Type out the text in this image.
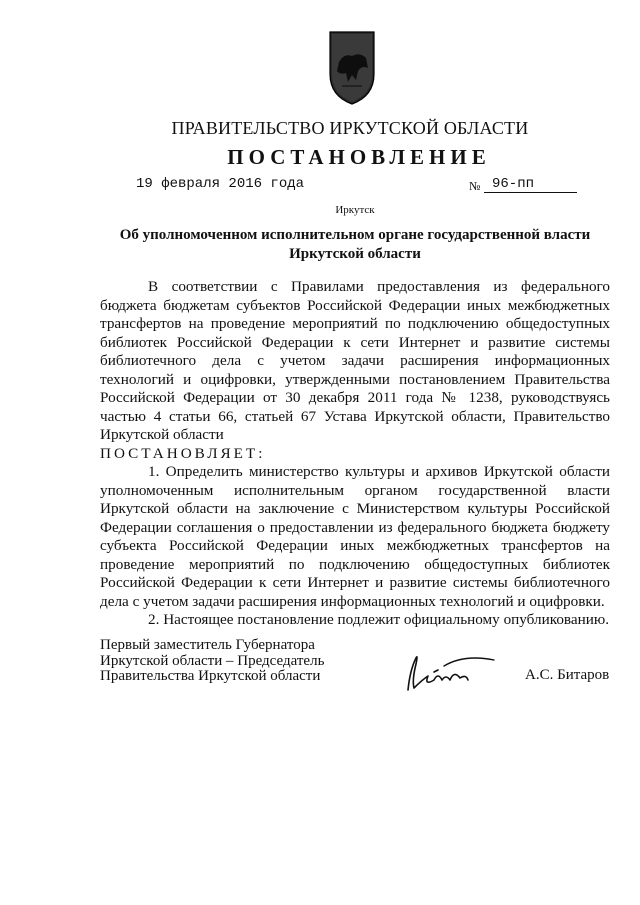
ПРАВИТЕЛЬСТВО ИРКУТСКОЙ ОБЛАСТИ
ПОСТАНОВЛЕНИЕ
19 февраля 2016 года	№ 96-пп
Иркутск
Об уполномоченном исполнительном органе государственной власти Иркутской области

В соответствии с Правилами предоставления из федерального бюджета бюджетам субъектов Российской Федерации иных межбюджетных трансфертов на проведение мероприятий по подключению общедоступных библиотек Российской Федерации к сети Интернет и развитие системы библиотечного дела с учетом задачи расширения информационных технологий и оцифровки, утвержденными постановлением Правительства Российской Федерации от 30 декабря 2011 года № 1238, руководствуясь частью 4 статьи 66, статьей 67 Устава Иркутской области, Правительство Иркутской области

ПОСТАНОВЛЯЕТ:

1. Определить министерство культуры и архивов Иркутской области уполномоченным исполнительным органом государственной власти Иркутской области на заключение с Министерством культуры Российской Федерации соглашения о предоставлении из федерального бюджета бюджету субъекта Российской Федерации иных межбюджетных трансфертов на проведение мероприятий по подключению общедоступных библиотек Российской Федерации к сети Интернет и развитие системы библиотечного дела с учетом задачи расширения информационных технологий и оцифровки.

2. Настоящее постановление подлежит официальному опубликованию.

Первый заместитель Губернатора
Иркутской области – Председатель
Правительства Иркутской области	А.С. Битаров
